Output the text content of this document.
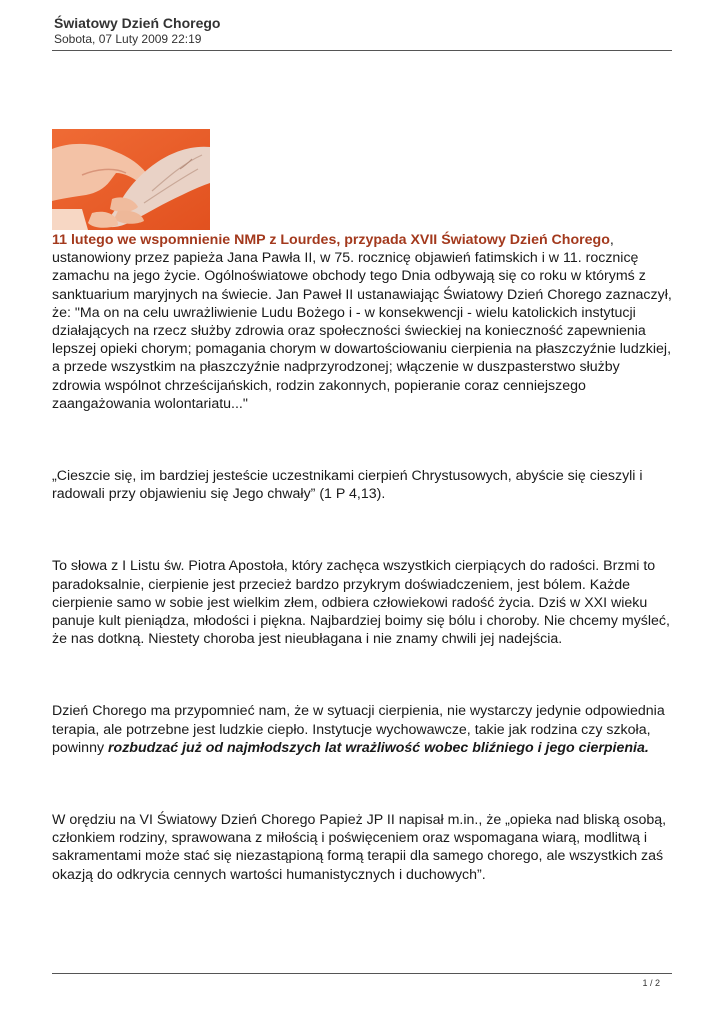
Światowy Dzień Chorego
Sobota, 07 Luty 2009 22:19

11 lutego we wspomnienie NMP z Lourdes, przypada XVII Światowy Dzień Chorego, ustanowiony przez papieża Jana Pawła II, w 75. rocznicę objawień fatimskich i w 11. rocznicę zamachu na jego życie. Ogólnoświatowe obchody tego Dnia odbywają się co roku w którymś z sanktuarium maryjnych na świecie. Jan Paweł II ustanawiając Światowy Dzień Chorego zaznaczył, że: "Ma on na celu uwrażliwienie Ludu Bożego i - w konsekwencji - wielu katolickich instytucji działających na rzecz służby zdrowia oraz społeczności świeckiej na konieczność zapewnienia lepszej opieki chorym; pomagania chorym w dowartościowaniu cierpienia na płaszczyźnie ludzkiej, a przede wszystkim na płaszczyźnie nadprzyrodzonej; włączenie w duszpasterstwo służby zdrowia wspólnot chrześcijańskich, rodzin zakonnych, popieranie coraz cenniejszego zaangażowania wolontariatu..."

„Cieszcie się, im bardziej jesteście uczestnikami cierpień Chrystusowych, abyście się cieszyli i radowali przy objawieniu się Jego chwały” (1 P 4,13).

To słowa z I Listu św. Piotra Apostoła, który zachęca wszystkich cierpiących do radości. Brzmi to paradoksalnie, cierpienie jest przecież bardzo przykrym doświadczeniem, jest bólem. Każde cierpienie samo w sobie jest wielkim złem, odbiera człowiekowi radość życia. Dziś w XXI wieku panuje kult pieniądza, młodości i piękna. Najbardziej boimy się bólu i choroby. Nie chcemy myśleć, że nas dotkną. Niestety choroba jest nieubłagana i nie znamy chwili jej nadejścia.

Dzień Chorego ma przypomnieć nam, że w sytuacji cierpienia, nie wystarczy jedynie odpowiednia terapia, ale potrzebne jest ludzkie ciepło. Instytucje wychowawcze, takie jak rodzina czy szkoła, powinny rozbudzać już od najmłodszych lat wrażliwość wobec bliźniego i jego cierpienia.

W orędziu na VI Światowy Dzień Chorego Papież JP II napisał m.in., że „opieka nad bliską osobą, członkiem rodziny, sprawowana z miłością i poświęceniem oraz wspomagana wiarą, modlitwą i sakramentami może stać się niezastąpioną formą terapii dla samego chorego, ale wszystkich zaś okazją do odkrycia cennych wartości humanistycznych i duchowych”.

1 / 2
